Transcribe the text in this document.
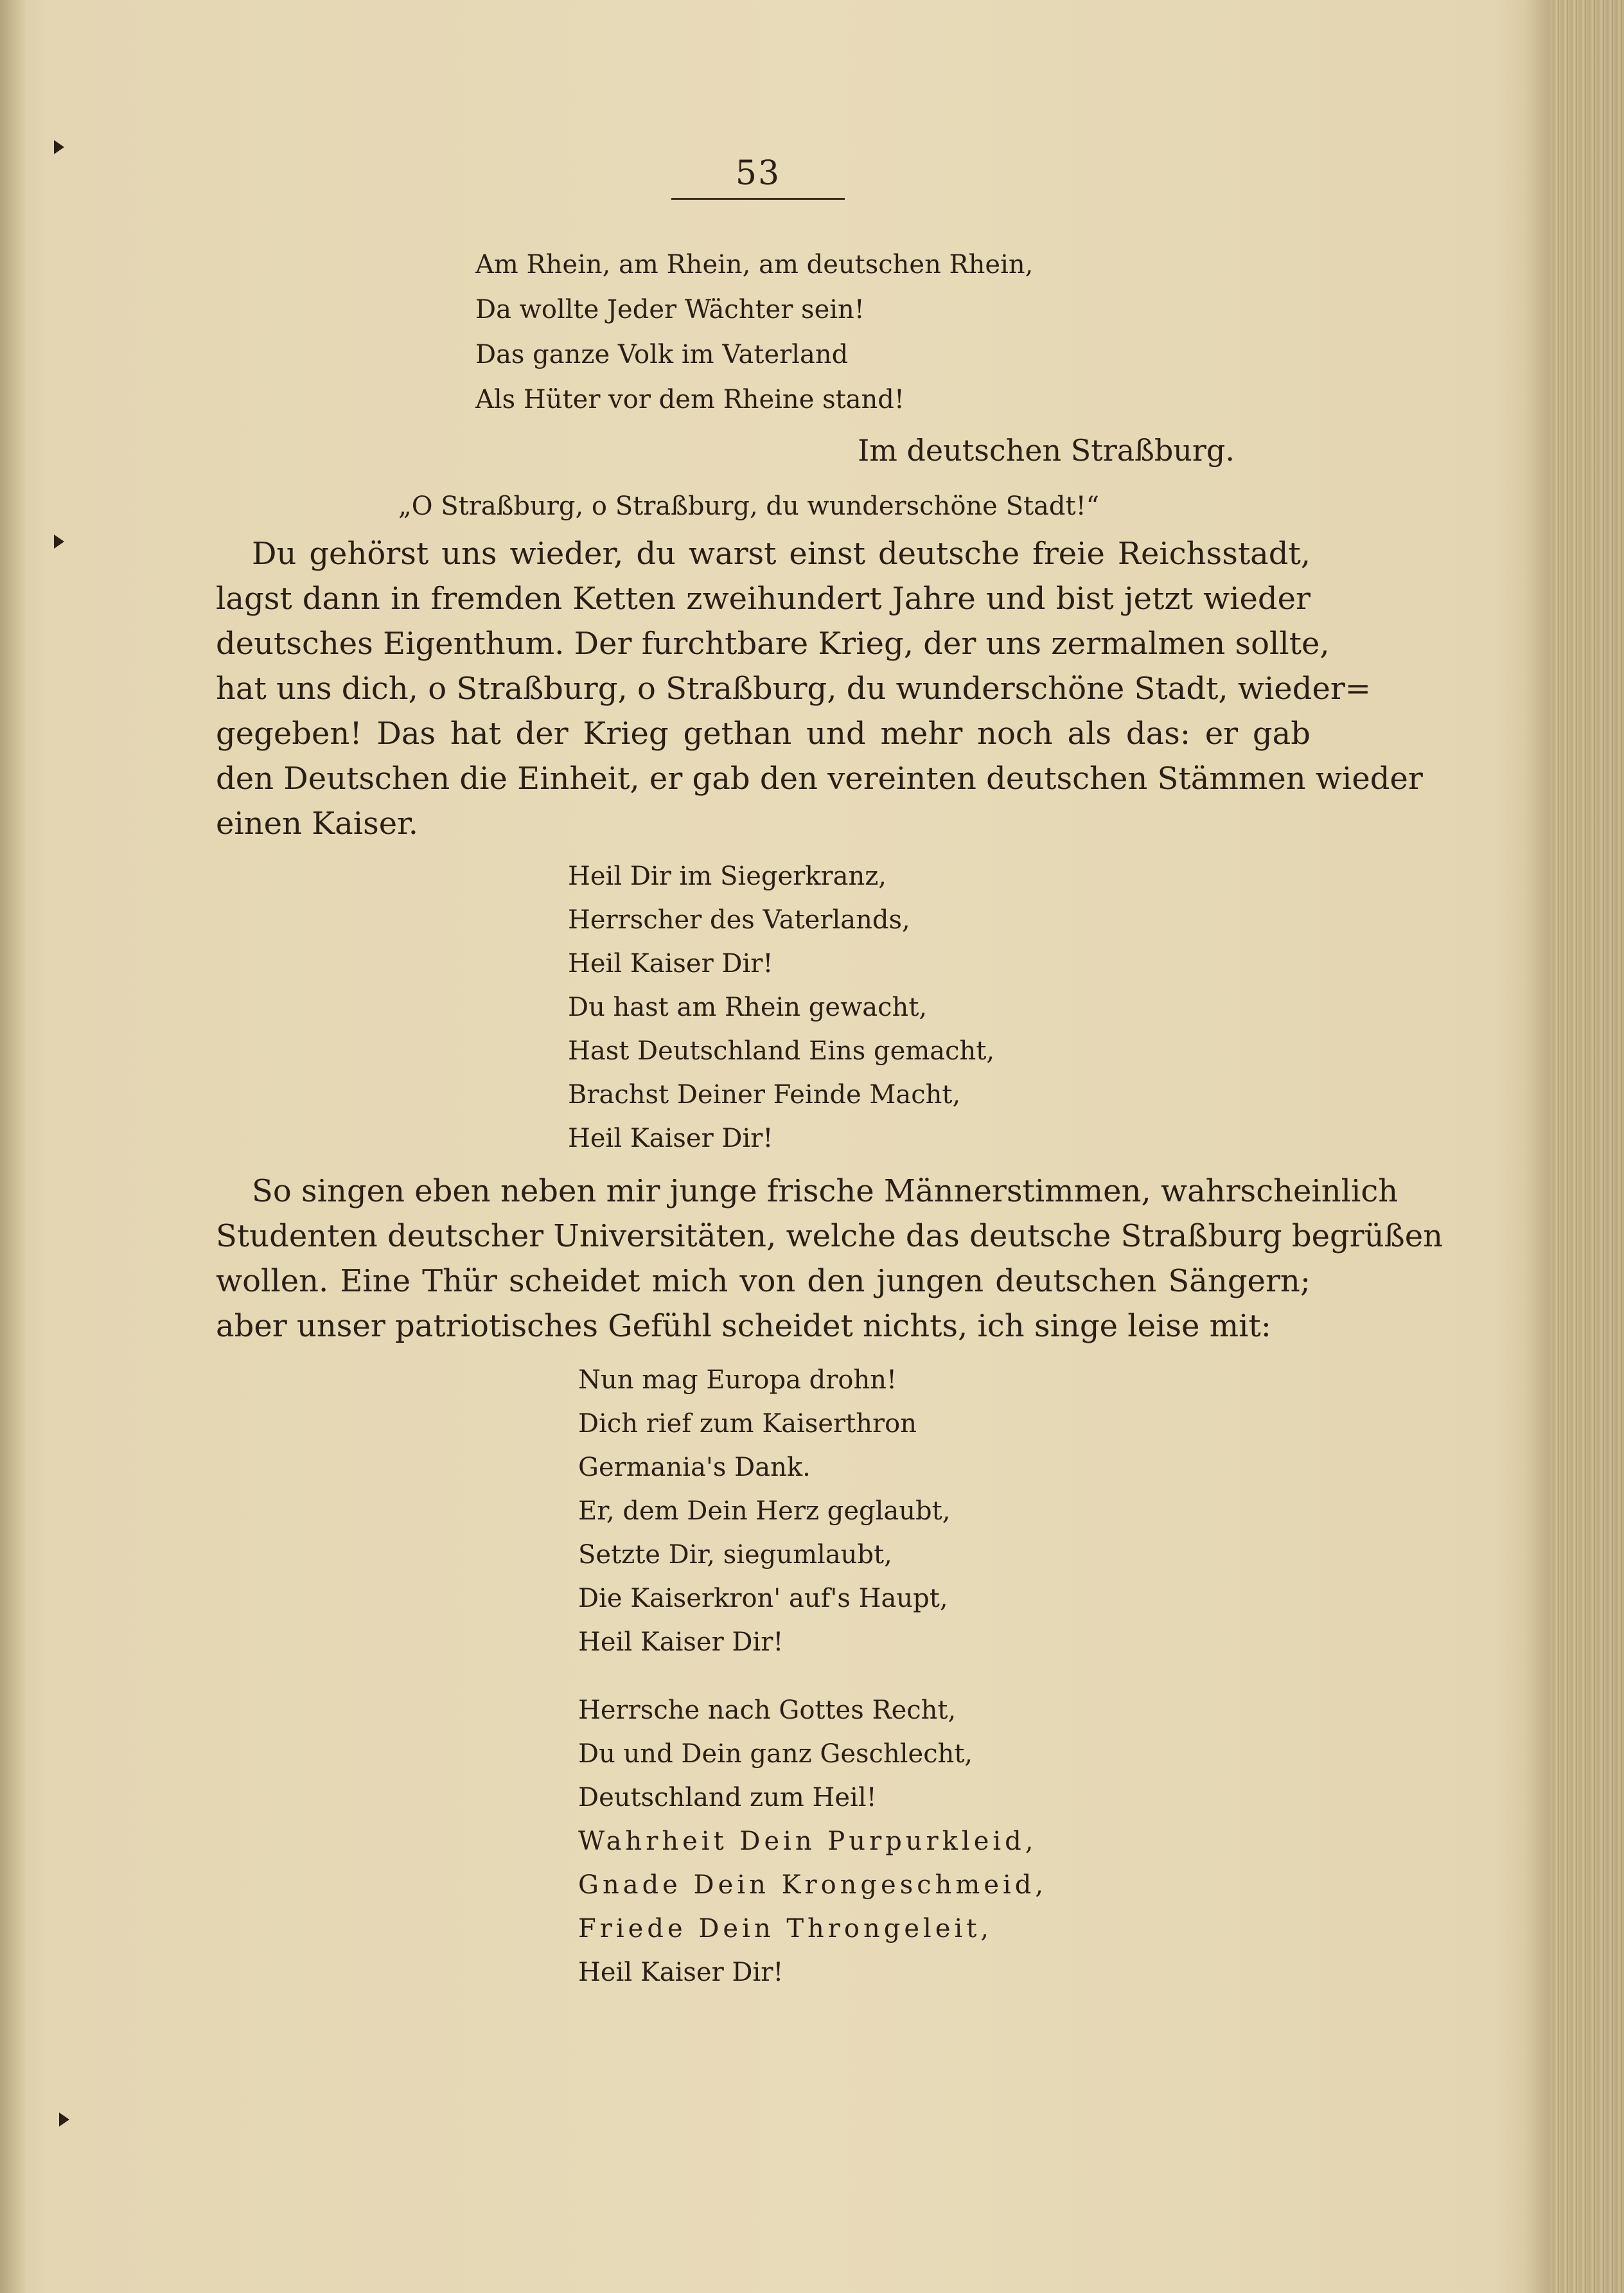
53
Am Rhein, am Rhein, am deutschen Rhein,
Da wollte Jeder Wächter sein!
Das ganze Volk im Vaterland
Als Hüter vor dem Rheine stand!
Im deutschen Straßburg.
„O Straßburg, o Straßburg, du wunderschöne Stadt!“
Du gehörst uns wieder, du warst einst deutsche freie Reichsstadt,
lagst dann in fremden Ketten zweihundert Jahre und bist jetzt wieder
deutsches Eigenthum. Der furchtbare Krieg, der uns zermalmen sollte,
hat uns dich, o Straßburg, o Straßburg, du wunderschöne Stadt, wieder=
gegeben! Das hat der Krieg gethan und mehr noch als das: er gab
den Deutschen die Einheit, er gab den vereinten deutschen Stämmen wieder
einen Kaiser.
Heil Dir im Siegerkranz,
Herrscher des Vaterlands,
Heil Kaiser Dir!
Du hast am Rhein gewacht,
Hast Deutschland Eins gemacht,
Brachst Deiner Feinde Macht,
Heil Kaiser Dir!
So singen eben neben mir junge frische Männerstimmen, wahrscheinlich
Studenten deutscher Universitäten, welche das deutsche Straßburg begrüßen
wollen. Eine Thür scheidet mich von den jungen deutschen Sängern;
aber unser patriotisches Gefühl scheidet nichts, ich singe leise mit:
Nun mag Europa drohn!
Dich rief zum Kaiserthron
Germania's Dank.
Er, dem Dein Herz geglaubt,
Setzte Dir, siegumlaubt,
Die Kaiserkron' auf's Haupt,
Heil Kaiser Dir!
Herrsche nach Gottes Recht,
Du und Dein ganz Geschlecht,
Deutschland zum Heil!
Wahrheit Dein Purpurkleid,
Gnade Dein Krongeschmeid,
Friede Dein Throngeleit,
Heil Kaiser Dir!
